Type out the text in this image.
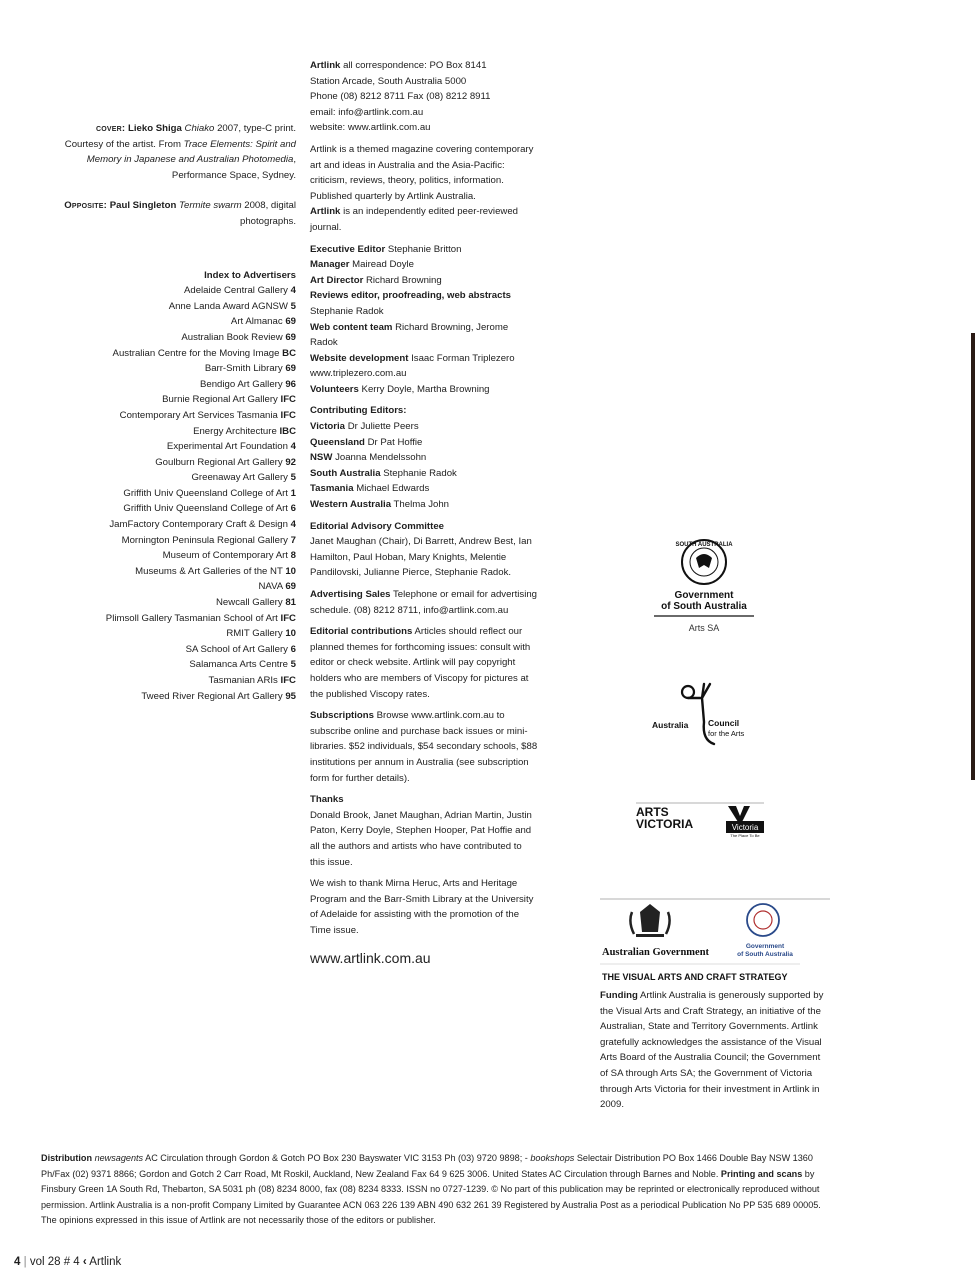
cover: Lieko Shiga Chiako 2007, type-C print. Courtesy of the artist. From Trace Elements: Spirit and Memory in Japanese and Australian Photomedia, Performance Space, Sydney.

Opposite: Paul Singleton Termite swarm 2008, digital photographs.

Index to Advertisers
Adelaide Central Gallery 4
Anne Landa Award AGNSW 5
Art Almanac 69
Australian Book Review 69
Australian Centre for the Moving Image BC
Barr-Smith Library 69
Bendigo Art Gallery 96
Burnie Regional Art Gallery IFC
Contemporary Art Services Tasmania IFC
Energy Architecture IBC
Experimental Art Foundation 4
Goulburn Regional Art Gallery 92
Greenaway Art Gallery 5
Griffith Univ Queensland College of Art 1
Griffith Univ Queensland College of Art 6
JamFactory Contemporary Craft & Design 4
Mornington Peninsula Regional Gallery 7
Museum of Contemporary Art 8
Museums & Art Galleries of the NT 10
NAVA 69
Newcall Gallery 81
Plimsoll Gallery Tasmanian School of Art IFC
RMIT Gallery 10
SA School of Art Gallery 6
Salamanca Arts Centre 5
Tasmanian ARIs IFC
Tweed River Regional Art Gallery 95

Artlink all correspondence: PO Box 8141

Station Arcade, South Australia 5000

Phone (08) 8212 8711 Fax (08) 8212 8911

email: info@artlink.com.au

website: www.artlink.com.au

Artlink is a themed magazine covering contemporary art and ideas in Australia and the Asia-Pacific: criticism, reviews, theory, politics, information.

Published quarterly by Artlink Australia.

Artlink is an independently edited peer-reviewed journal.

Executive Editor Stephanie Britton

Manager Mairead Doyle

Art Director Richard Browning

Reviews editor, proofreading, web abstracts Stephanie Radok

Web content team Richard Browning, Jerome Radok

Website development Isaac Forman Triplezero www.triplezero.com.au

Volunteers Kerry Doyle, Martha Browning

Contributing Editors:

Victoria Dr Juliette Peers

Queensland Dr Pat Hoffie

NSW Joanna Mendelssohn

South Australia Stephanie Radok

Tasmania Michael Edwards

Western Australia Thelma John

Editorial Advisory Committee

Janet Maughan (Chair), Di Barrett, Andrew Best, Ian Hamilton, Paul Hoban, Mary Knights, Melentie Pandilovski, Julianne Pierce, Stephanie Radok.

Advertising Sales Telephone or email for advertising schedule. (08) 8212 8711, info@artlink.com.au

Editorial contributions Articles should reflect our planned themes for forthcoming issues: consult with editor or check website. Artlink will pay copyright holders who are members of Viscopy for pictures at the published Viscopy rates.

Subscriptions Browse www.artlink.com.au to subscribe online and purchase back issues or mini-libraries. $52 individuals, $54 secondary schools, $88 institutions per annum in Australia (see subscription form for further details).

Thanks

Donald Brook, Janet Maughan, Adrian Martin, Justin Paton, Kerry Doyle, Stephen Hooper, Pat Hoffie and all the authors and artists who have contributed to this issue.

We wish to thank Mirna Heruc, Arts and Heritage Program and the Barr-Smith Library at the University of Adelaide for assisting with the promotion of the Time issue.

www.artlink.com.au
SOUTH AUSTRALIA
Government
of South Australia
Arts SA
Australia Council
for the Arts
ARTS
VICTORIA	Victoria
The Place To Be
Australian Government
Government
of South Australia
THE VISUAL ARTS AND CRAFT STRATEGY
Funding Artlink Australia is generously supported by the Visual Arts and Craft Strategy, an initiative of the Australian, State and Territory Governments. Artlink gratefully acknowledges the assistance of the Visual Arts Board of the Australia Council; the Government of SA through Arts SA; the Government of Victoria through Arts Victoria for their investment in Artlink in 2009.
Distribution newsagents AC Circulation through Gordon & Gotch PO Box 230 Bayswater VIC 3153 Ph (03) 9720 9898; - bookshops Selectair Distribution PO Box 1466 Double Bay NSW 1360 Ph/Fax (02) 9371 8866; Gordon and Gotch 2 Carr Road, Mt Roskil, Auckland, New Zealand Fax 64 9 625 3006. United States AC Circulation through Barnes and Noble. Printing and scans by Finsbury Green 1A South Rd, Thebarton, SA 5031 ph (08) 8234 8000, fax (08) 8234 8333. ISSN no 0727-1239. © No part of this publication may be reprinted or electronically reproduced without permission. Artlink Australia is a non-profit Company Limited by Guarantee ACN 063 226 139 ABN 490 632 261 39 Registered by Australia Post as a periodical Publication No PP 535 689 00005. The opinions expressed in this issue of Artlink are not necessarily those of the editors or publisher.
4 | vol 28 # 4 ‹ Artlink
